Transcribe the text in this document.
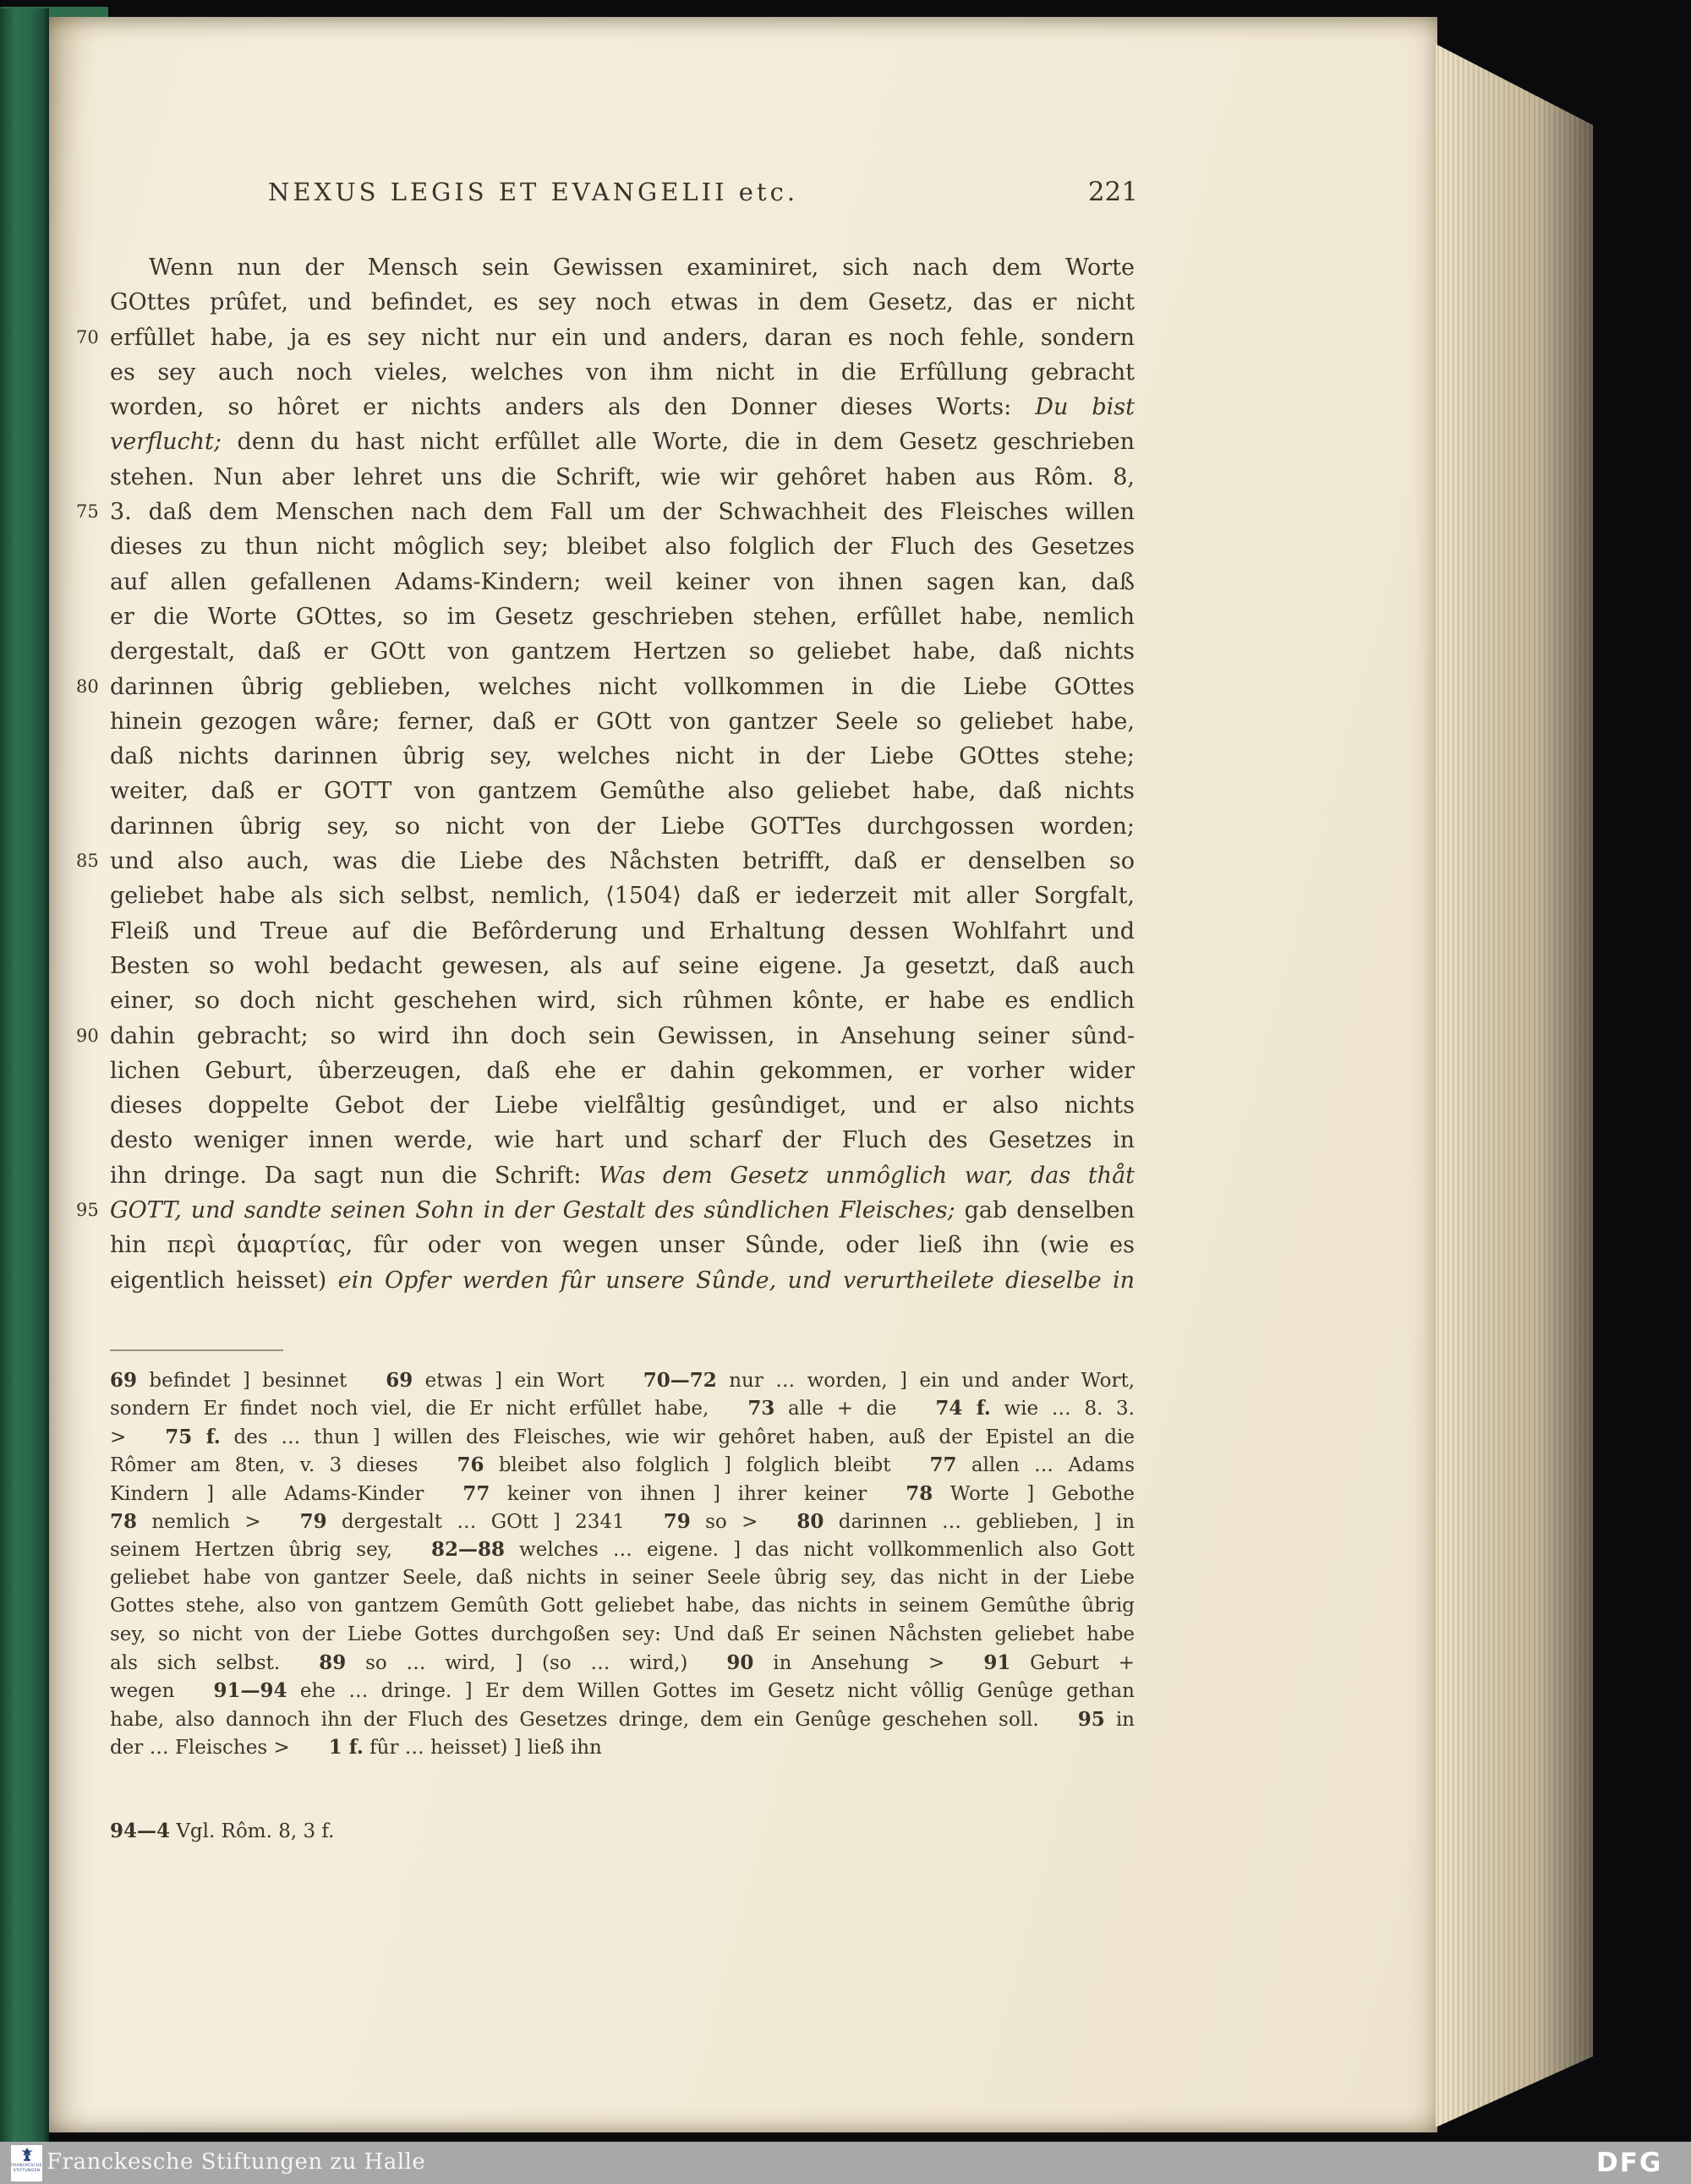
NEXUS LEGIS ET EVANGELII etc.	221
Wenn nun der Mensch sein Gewissen examiniret, sich nach dem Worte
GOttes prûfet, und befindet, es sey noch etwas in dem Gesetz, das er nicht
erfûllet habe, ja es sey nicht nur ein und anders, daran es noch fehle, sondern
70
es sey auch noch vieles, welches von ihm nicht in die Erfûllung gebracht
worden, so hôret er nichts anders als den Donner dieses Worts: Du bist
verflucht; denn du hast nicht erfûllet alle Worte, die in dem Gesetz geschrieben
stehen. Nun aber lehret uns die Schrift, wie wir gehôret haben aus Rôm. 8,
3. daß dem Menschen nach dem Fall um der Schwachheit des Fleisches willen
75
dieses zu thun nicht môglich sey; bleibet also folglich der Fluch des Gesetzes
auf allen gefallenen Adams-Kindern; weil keiner von ihnen sagen kan, daß
er die Worte GOttes, so im Gesetz geschrieben stehen, erfûllet habe, nemlich
dergestalt, daß er GOtt von gantzem Hertzen so geliebet habe, daß nichts
darinnen ûbrig geblieben, welches nicht vollkommen in die Liebe GOttes
80
hinein gezogen wåre; ferner, daß er GOtt von gantzer Seele so geliebet habe,
daß nichts darinnen ûbrig sey, welches nicht in der Liebe GOttes stehe;
weiter, daß er GOTT von gantzem Gemûthe also geliebet habe, daß nichts
darinnen ûbrig sey, so nicht von der Liebe GOTTes durchgossen worden;
und also auch, was die Liebe des Nåchsten betrifft, daß er denselben so
85
geliebet habe als sich selbst, nemlich, ⟨1504⟩ daß er iederzeit mit aller Sorgfalt,
Fleiß und Treue auf die Befôrderung und Erhaltung dessen Wohlfahrt und
Besten so wohl bedacht gewesen, als auf seine eigene. Ja gesetzt, daß auch
einer, so doch nicht geschehen wird, sich rûhmen kônte, er habe es endlich
dahin gebracht; so wird ihn doch sein Gewissen, in Ansehung seiner sûnd-
90
lichen Geburt, ûberzeugen, daß ehe er dahin gekommen, er vorher wider
dieses doppelte Gebot der Liebe vielfåltig gesûndiget, und er also nichts
desto weniger innen werde, wie hart und scharf der Fluch des Gesetzes in
ihn dringe. Da sagt nun die Schrift: Was dem Gesetz unmôglich war, das thåt
GOTT, und sandte seinen Sohn in der Gestalt des sûndlichen Fleisches; gab denselben
95
hin περὶ ἁμαρτίας, fûr oder von wegen unser Sûnde, oder ließ ihn (wie es
eigentlich heisset) ein Opfer werden fûr unsere Sûnde, und verurtheilete dieselbe in
69 befindet ] besinnet  69 etwas ] ein Wort  70—72 nur … worden, ] ein und ander Wort,
sondern Er findet noch viel, die Er nicht erfûllet habe,  73 alle + die  74 f. wie … 8. 3.
>  75 f. des … thun ] willen des Fleisches, wie wir gehôret haben, auß der Epistel an die
Rômer am 8ten, v. 3 dieses  76 bleibet also folglich ] folglich bleibt  77 allen … Adams
Kindern ] alle Adams-Kinder  77 keiner von ihnen ] ihrer keiner  78 Worte ] Gebothe
78 nemlich >  79 dergestalt … GOtt ] 2341  79 so >  80 darinnen … geblieben, ] in
seinem Hertzen ûbrig sey,  82—88 welches … eigene. ] das nicht vollkommenlich also Gott
geliebet habe von gantzer Seele, daß nichts in seiner Seele ûbrig sey, das nicht in der Liebe
Gottes stehe, also von gantzem Gemûth Gott geliebet habe, das nichts in seinem Gemûthe ûbrig
sey, so nicht von der Liebe Gottes durchgoßen sey: Und daß Er seinen Nåchsten geliebet habe
als sich selbst.  89 so … wird, ] (so … wird,)  90 in Ansehung >  91 Geburt +
wegen  91—94 ehe … dringe. ] Er dem Willen Gottes im Gesetz nicht vôllig Genûge gethan
habe, also dannoch ihn der Fluch des Gesetzes dringe, dem ein Genûge geschehen soll.  95 in
der … Fleisches >  1 f. fûr … heisset) ] ließ ihn
94—4 Vgl. Rôm. 8, 3 f.
FRANCKESCHE
STIFTUNGEN Franckesche Stiftungen zu Halle	DFG
